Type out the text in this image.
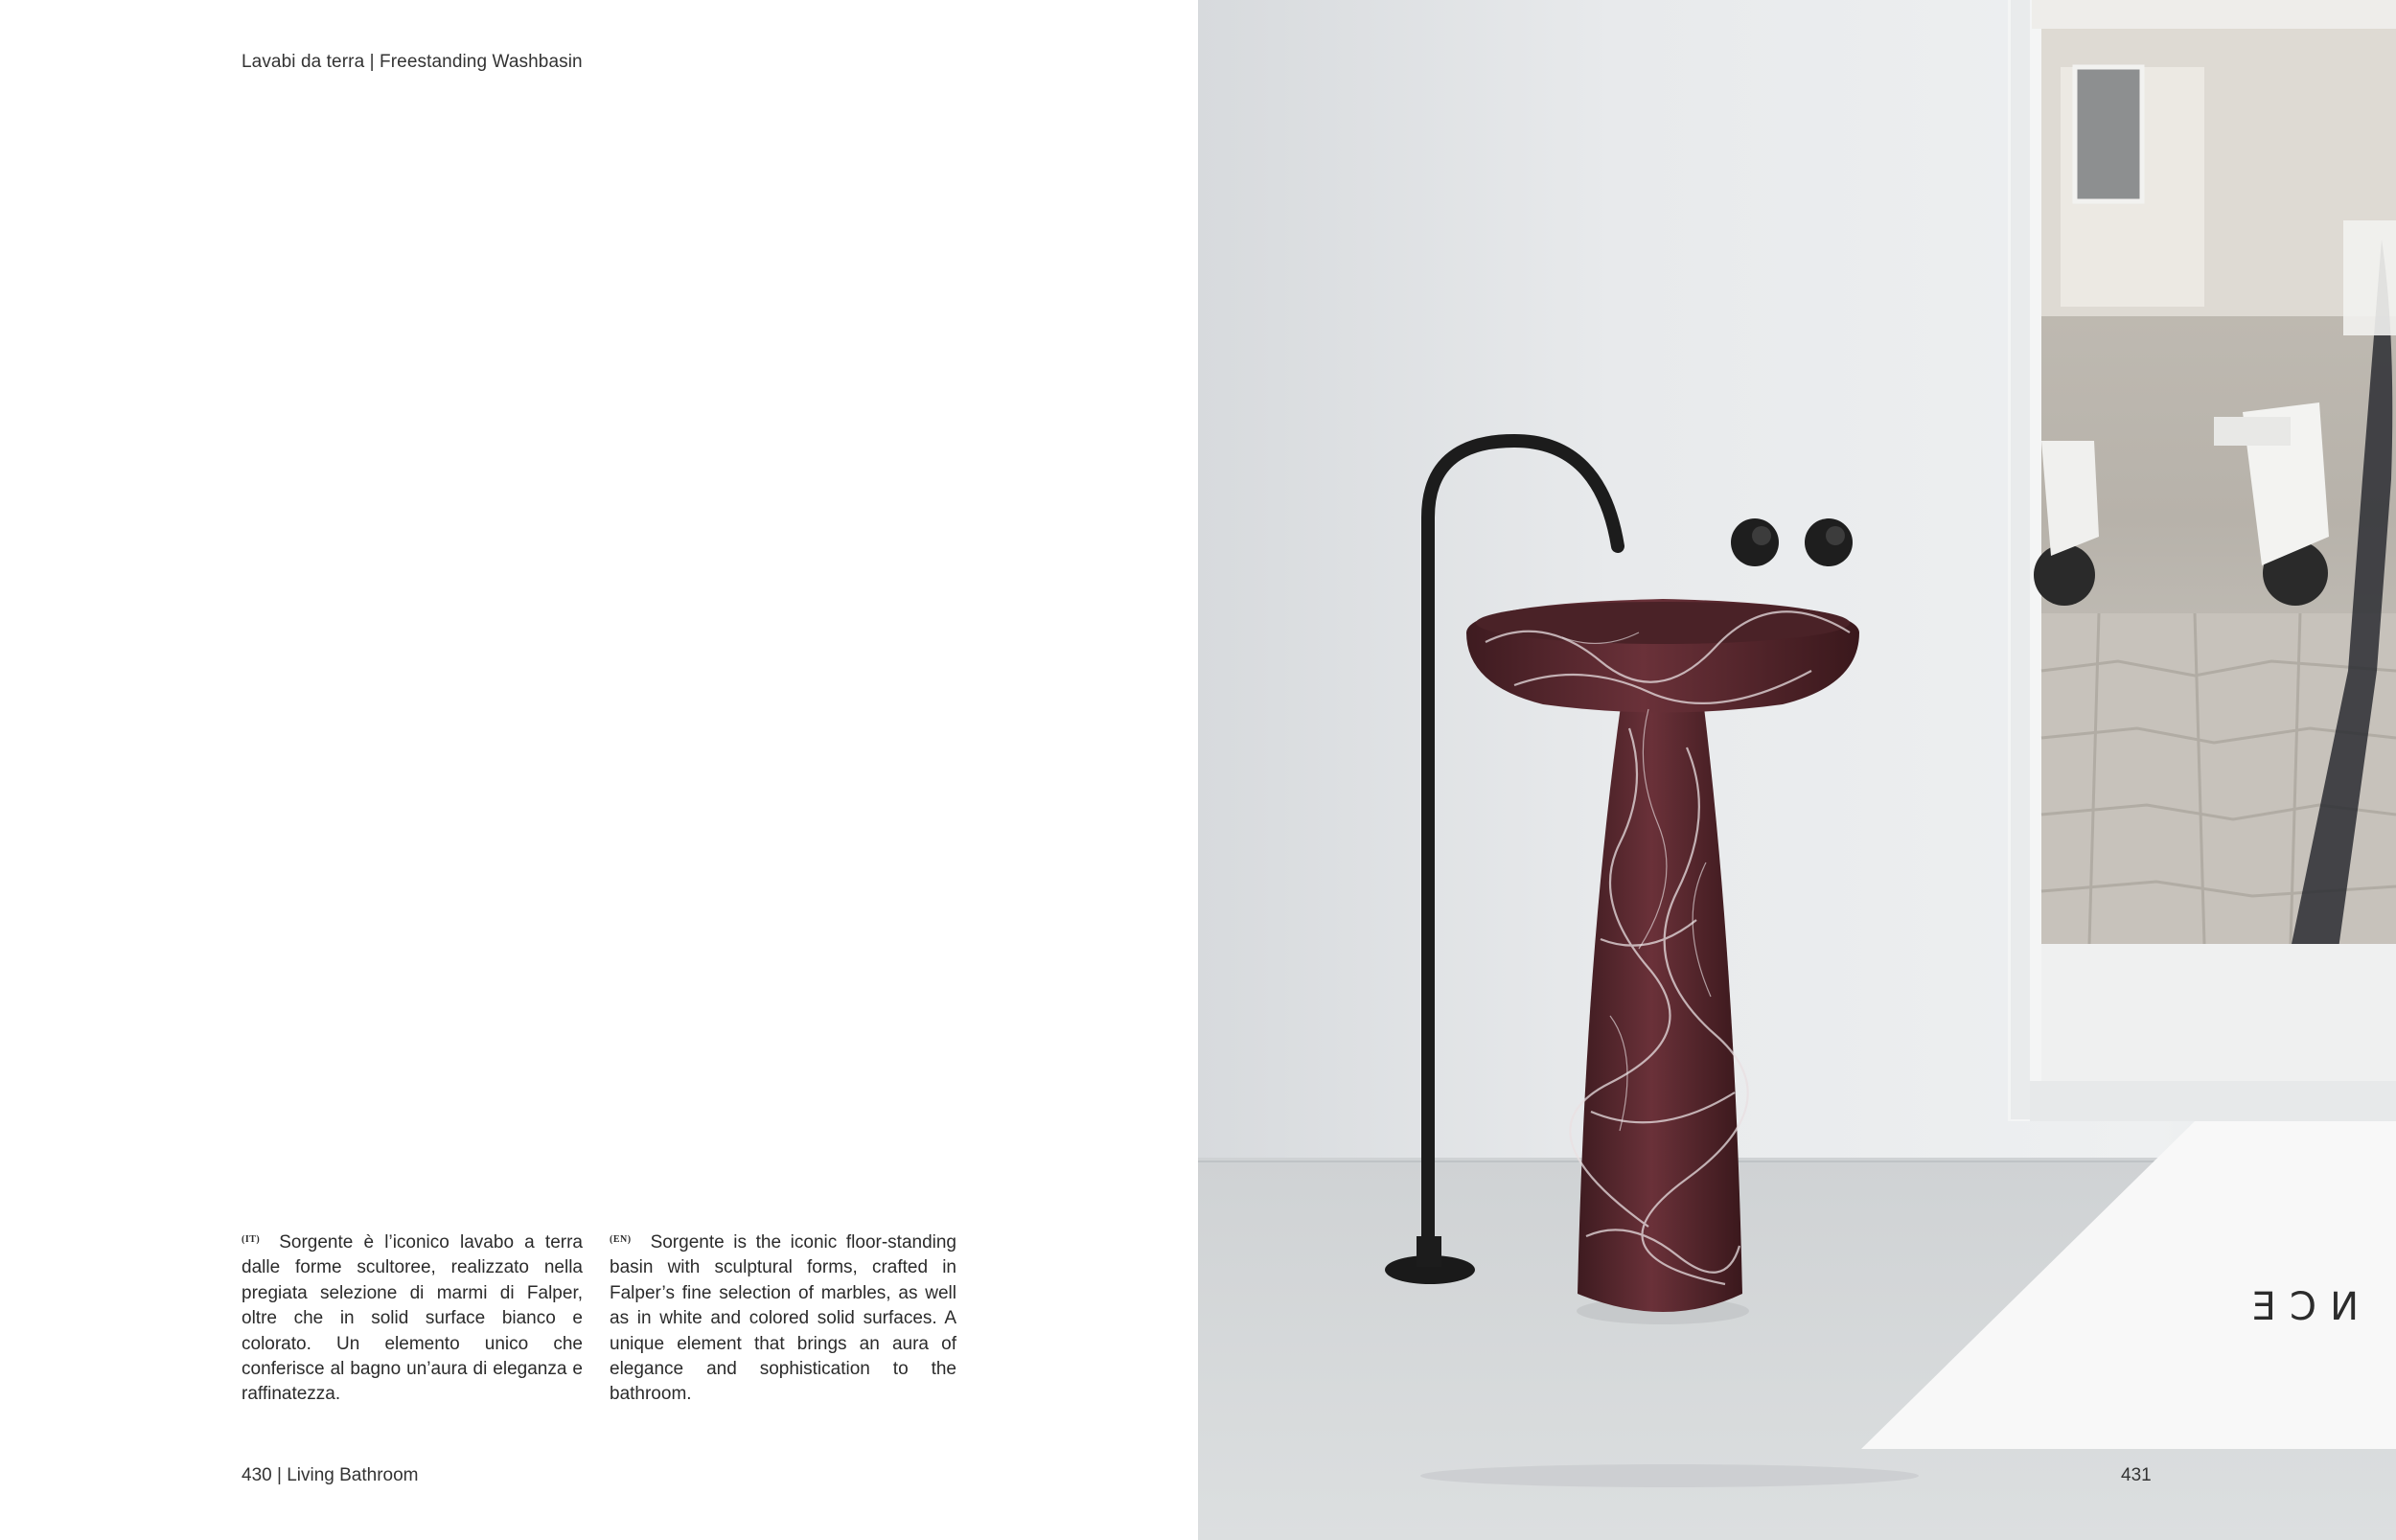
Lavabi da terra | Freestanding Washbasin
$^{(IT)}$ Sorgente è l’iconico lavabo a terra dalle forme scultoree, realizzato nella pregiata selezione di marmi di Falper, oltre che in solid surface bianco e colorato. Un elemento unico che conferisce al bagno un’aura di eleganza e raffinatezza.
$^{(EN)}$ Sorgente is the iconic floor-standing basin with sculptural forms, crafted in Falper’s fine selection of marbles, as well as in white and colored solid surfaces. A unique element that brings an aura of elegance and sophistication to the bathroom.
430 | Living Bathroom
ƎƆИ
431
